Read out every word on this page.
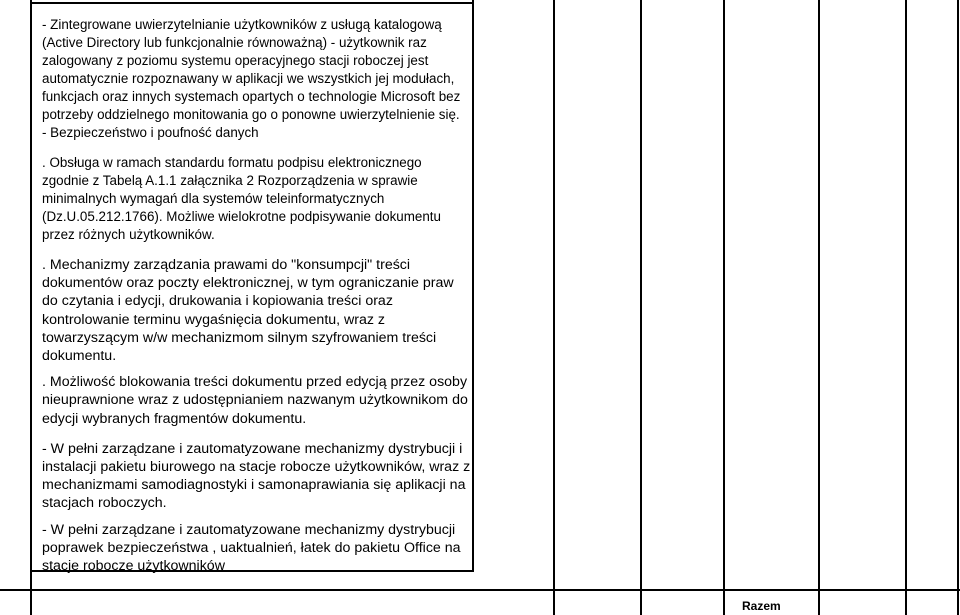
- Zintegrowane uwierzytelnianie użytkowników z usługą katalogową (Active Directory lub funkcjonalnie równoważną) - użytkownik raz zalogowany z poziomu systemu operacyjnego stacji roboczej jest automatycznie rozpoznawany w aplikacji we wszystkich jej modułach, funkcjach oraz innych systemach opartych o technologie Microsoft bez potrzeby oddzielnego monitowania go o ponowne uwierzytelnienie się.

- Bezpieczeństwo i poufność danych

. Obsługa w ramach standardu formatu podpisu elektronicznego zgodnie z Tabelą A.1.1 załącznika 2 Rozporządzenia w sprawie minimalnych wymagań dla systemów teleinformatycznych (Dz.U.05.212.1766). Możliwe wielokrotne podpisywanie dokumentu przez różnych użytkowników.

. Mechanizmy zarządzania prawami do "konsumpcji" treści dokumentów oraz poczty elektronicznej, w tym ograniczanie praw do czytania i edycji, drukowania i kopiowania treści oraz kontrolowanie terminu wygaśnięcia dokumentu, wraz z towarzyszącym w/w mechanizmom silnym szyfrowaniem treści dokumentu.

. Możliwość blokowania treści dokumentu przed edycją przez osoby nieuprawnione wraz z udostępnianiem nazwanym użytkownikom do edycji wybranych fragmentów dokumentu.

- W pełni zarządzane i zautomatyzowane mechanizmy dystrybucji i instalacji pakietu biurowego na stacje robocze użytkowników, wraz z mechanizmami samodiagnostyki i samonaprawiania się aplikacji na stacjach roboczych.

- W pełni zarządzane i zautomatyzowane mechanizmy dystrybucji poprawek bezpieczeństwa , uaktualnień, łatek do pakietu Office na stacje robocze użytkowników

Razem
